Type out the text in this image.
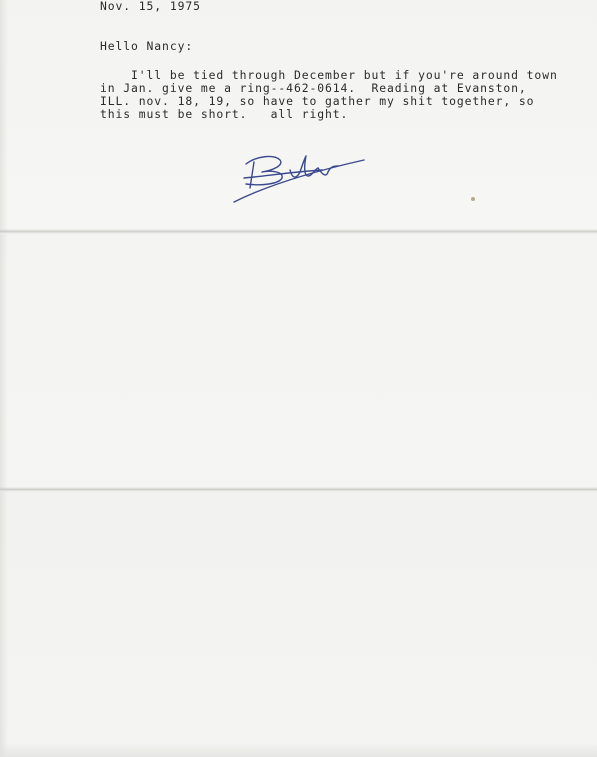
Nov. 15, 1975
Hello Nancy:
I'll be tied through December but if you're around town
in Jan. give me a ring--462-0614.  Reading at Evanston,
ILL. nov. 18, 19, so have to gather my shit together, so
this must be short.   all right.
